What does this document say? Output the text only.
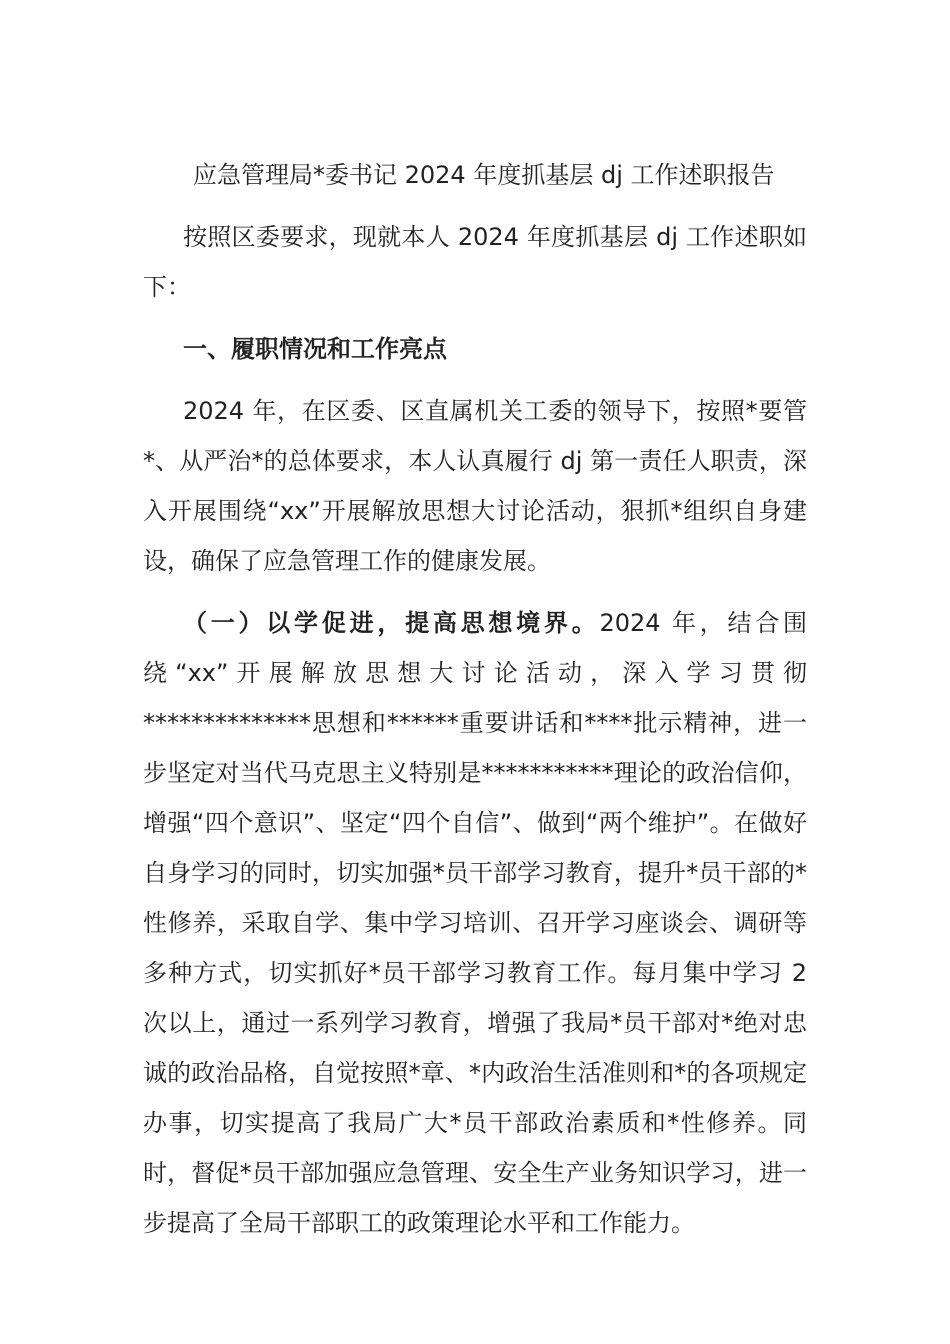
应急管理局*委书记 2024 年度抓基层 dj 工作述职报告

按照区委要求，现就本人 2024 年度抓基层 dj 工作述职如下：

一、履职情况和工作亮点

2024 年，在区委、区直属机关工委的领导下，按照*要管*、从严治*的总体要求，本人认真履行 dj 第一责任人职责，深入开展围绕“xx”开展解放思想大讨论活动，狠抓*组织自身建设，确保了应急管理工作的健康发展。

（一）以学促进，提高思想境界。2024 年，结合围绕“xx”开展解放思想大讨论活动，深入学习贯彻**************思想和******重要讲话和****批示精神，进一步坚定对当代马克思主义特别是***********理论的政治信仰，增强“四个意识”、坚定“四个自信”、做到“两个维护”。在做好自身学习的同时，切实加强*员干部学习教育，提升*员干部的*性修养，采取自学、集中学习培训、召开学习座谈会、调研等多种方式，切实抓好*员干部学习教育工作。每月集中学习 2 次以上，通过一系列学习教育，增强了我局*员干部对*绝对忠诚的政治品格，自觉按照*章、*内政治生活准则和*的各项规定办事，切实提高了我局广大*员干部政治素质和*性修养。同时，督促*员干部加强应急管理、安全生产业务知识学习，进一步提高了全局干部职工的政策理论水平和工作能力。
